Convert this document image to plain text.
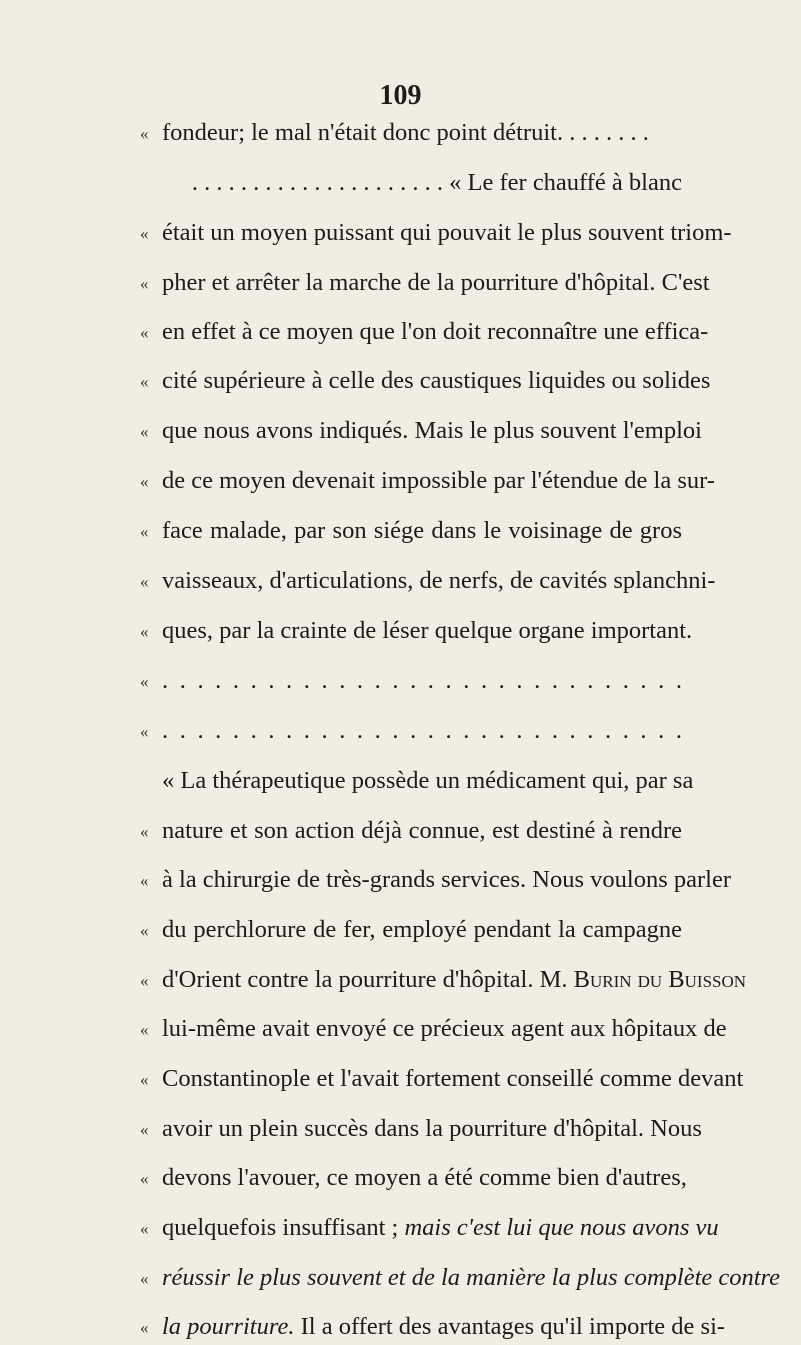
109
« fondeur; le mal n'était donc point détruit. . . . . . . .
. . . . . . . . . . . . . . . . . . . . . « Le fer chauffé à blanc
« était un moyen puissant qui pouvait le plus souvent triom-
« pher et arrêter la marche de la pourriture d'hôpital. C'est
« en effet à ce moyen que l'on doit reconnaître une effica-
« cité supérieure à celle des caustiques liquides ou solides
« que nous avons indiqués. Mais le plus souvent l'emploi
« de ce moyen devenait impossible par l'étendue de la sur-
« face malade, par son siége dans le voisinage de gros
« vaisseaux, d'articulations, de nerfs, de cavités splanchni-
« ques, par la crainte de léser quelque organe important.
« . . . . . . . . . . . . . . . . . . . . . . . . . . . . . .
« . . . . . . . . . . . . . . . . . . . . . . . . . . . . . .
« La thérapeutique possède un médicament qui, par sa
« nature et son action déjà connue, est destiné à rendre
« à la chirurgie de très-grands services. Nous voulons parler
« du perchlorure de fer, employé pendant la campagne
« d'Orient contre la pourriture d'hôpital. M. Burin du Buisson
« lui-même avait envoyé ce précieux agent aux hôpitaux de
« Constantinople et l'avait fortement conseillé comme devant
« avoir un plein succès dans la pourriture d'hôpital. Nous
« devons l'avouer, ce moyen a été comme bien d'autres,
« quelquefois insuffisant ; mais c'est lui que nous avons vu
« réussir le plus souvent et de la manière la plus complète contre
« la pourriture. Il a offert des avantages qu'il importe de si-
